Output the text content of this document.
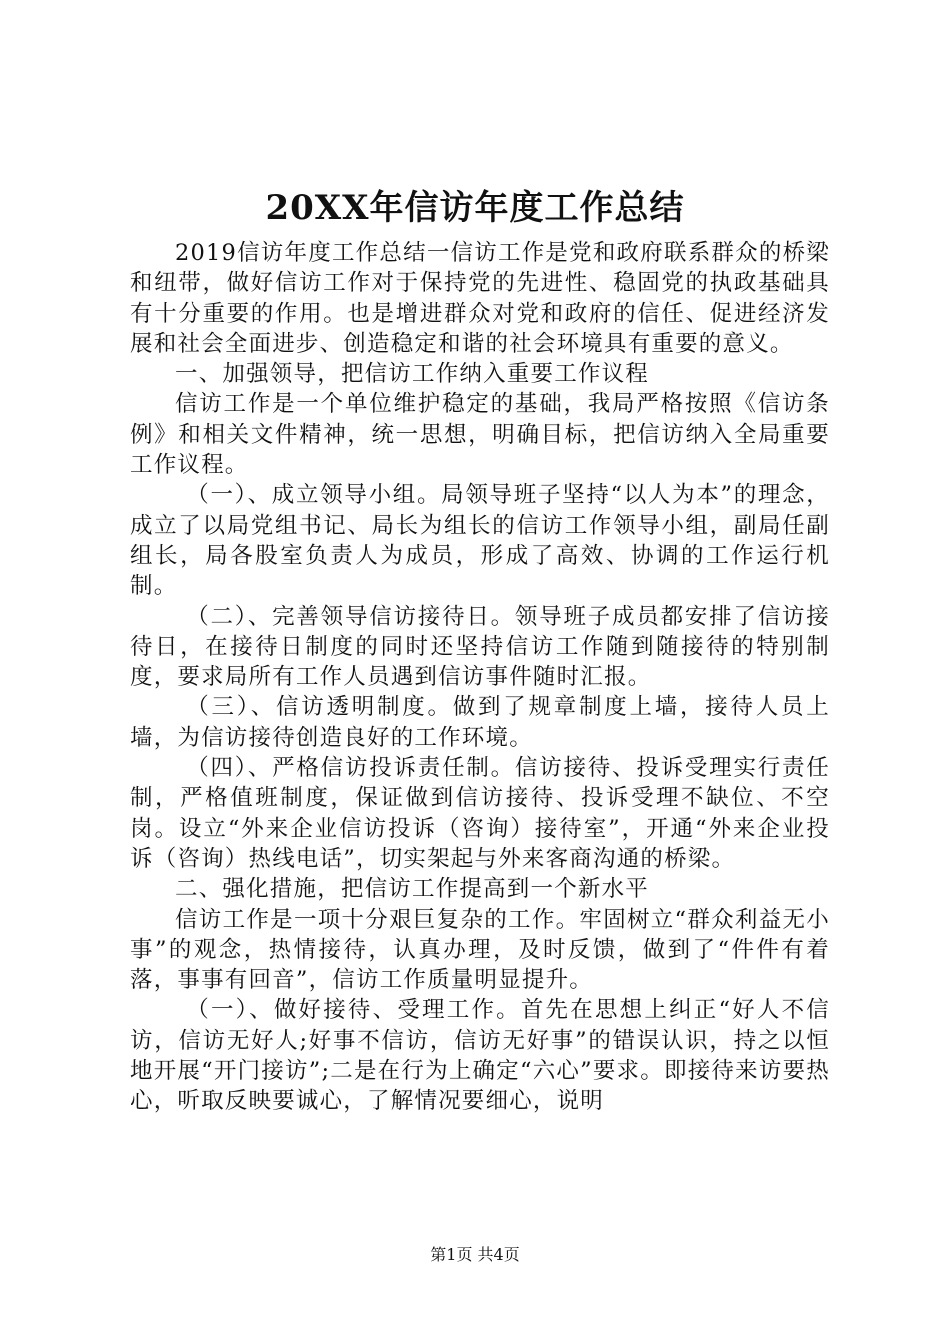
20XX年信访年度工作总结

2019信访年度工作总结一信访工作是党和政府联系群众的桥梁和纽带，做好信访工作对于保持党的先进性、稳固党的执政基础具有十分重要的作用。也是增进群众对党和政府的信任、促进经济发展和社会全面进步、创造稳定和谐的社会环境具有重要的意义。

一、加强领导，把信访工作纳入重要工作议程

信访工作是一个单位维护稳定的基础，我局严格按照《信访条例》和相关文件精神，统一思想，明确目标，把信访纳入全局重要工作议程。

（一）、成立领导小组。局领导班子坚持“以人为本”的理念，成立了以局党组书记、局长为组长的信访工作领导小组，副局任副组长，局各股室负责人为成员，形成了高效、协调的工作运行机制。

（二）、完善领导信访接待日。领导班子成员都安排了信访接待日，在接待日制度的同时还坚持信访工作随到随接待的特别制度，要求局所有工作人员遇到信访事件随时汇报。

（三）、信访透明制度。做到了规章制度上墙，接待人员上墙，为信访接待创造良好的工作环境。

（四）、严格信访投诉责任制。信访接待、投诉受理实行责任制，严格值班制度，保证做到信访接待、投诉受理不缺位、不空岗。设立“外来企业信访投诉（咨询）接待室”，开通“外来企业投诉（咨询）热线电话”，切实架起与外来客商沟通的桥梁。

二、强化措施，把信访工作提高到一个新水平

信访工作是一项十分艰巨复杂的工作。牢固树立“群众利益无小事”的观念，热情接待，认真办理，及时反馈，做到了“件件有着落，事事有回音”，信访工作质量明显提升。

（一）、做好接待、受理工作。首先在思想上纠正“好人不信访，信访无好人;好事不信访，信访无好事”的错误认识，持之以恒地开展“开门接访”;二是在行为上确定“六心”要求。即接待来访要热心，听取反映要诚心，了解情况要细心，说明

第1页 共4页
